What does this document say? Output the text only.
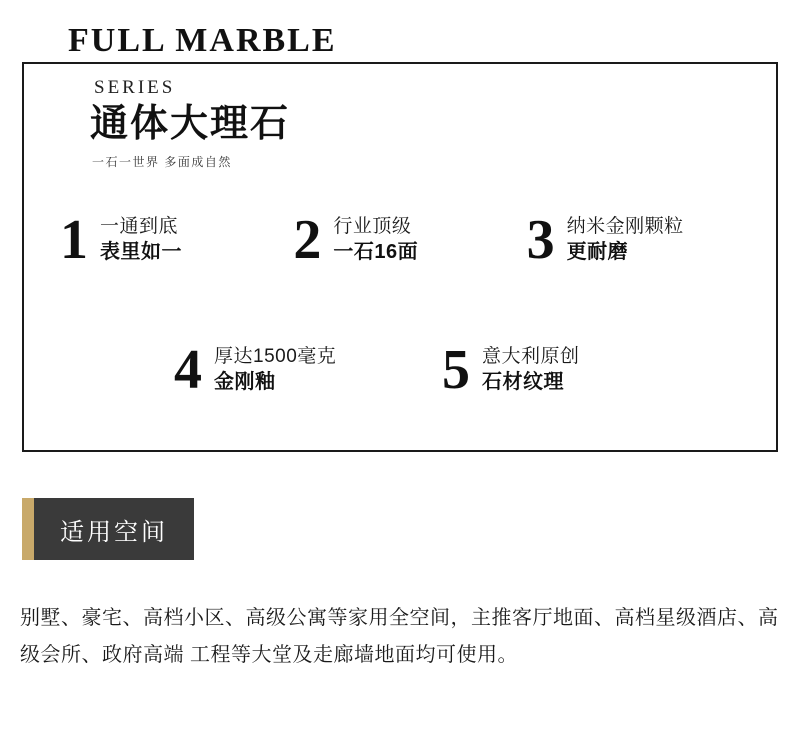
SERIES
通体大理石
一石一世界 多面成自然
1 一通到底
表里如一 2 行业顶级
一石16面 3 纳米金刚颗粒
更耐磨
4 厚达1500毫克
金刚釉	5 意大利原创
石材纹理
FULL MARBLE
适用空间
别墅、豪宅、高档小区、高级公寓等家用全空间，主推客厅地面、高档星级酒店、高级会所、政府高端 工程等大堂及走廊墙地面均可使用。
